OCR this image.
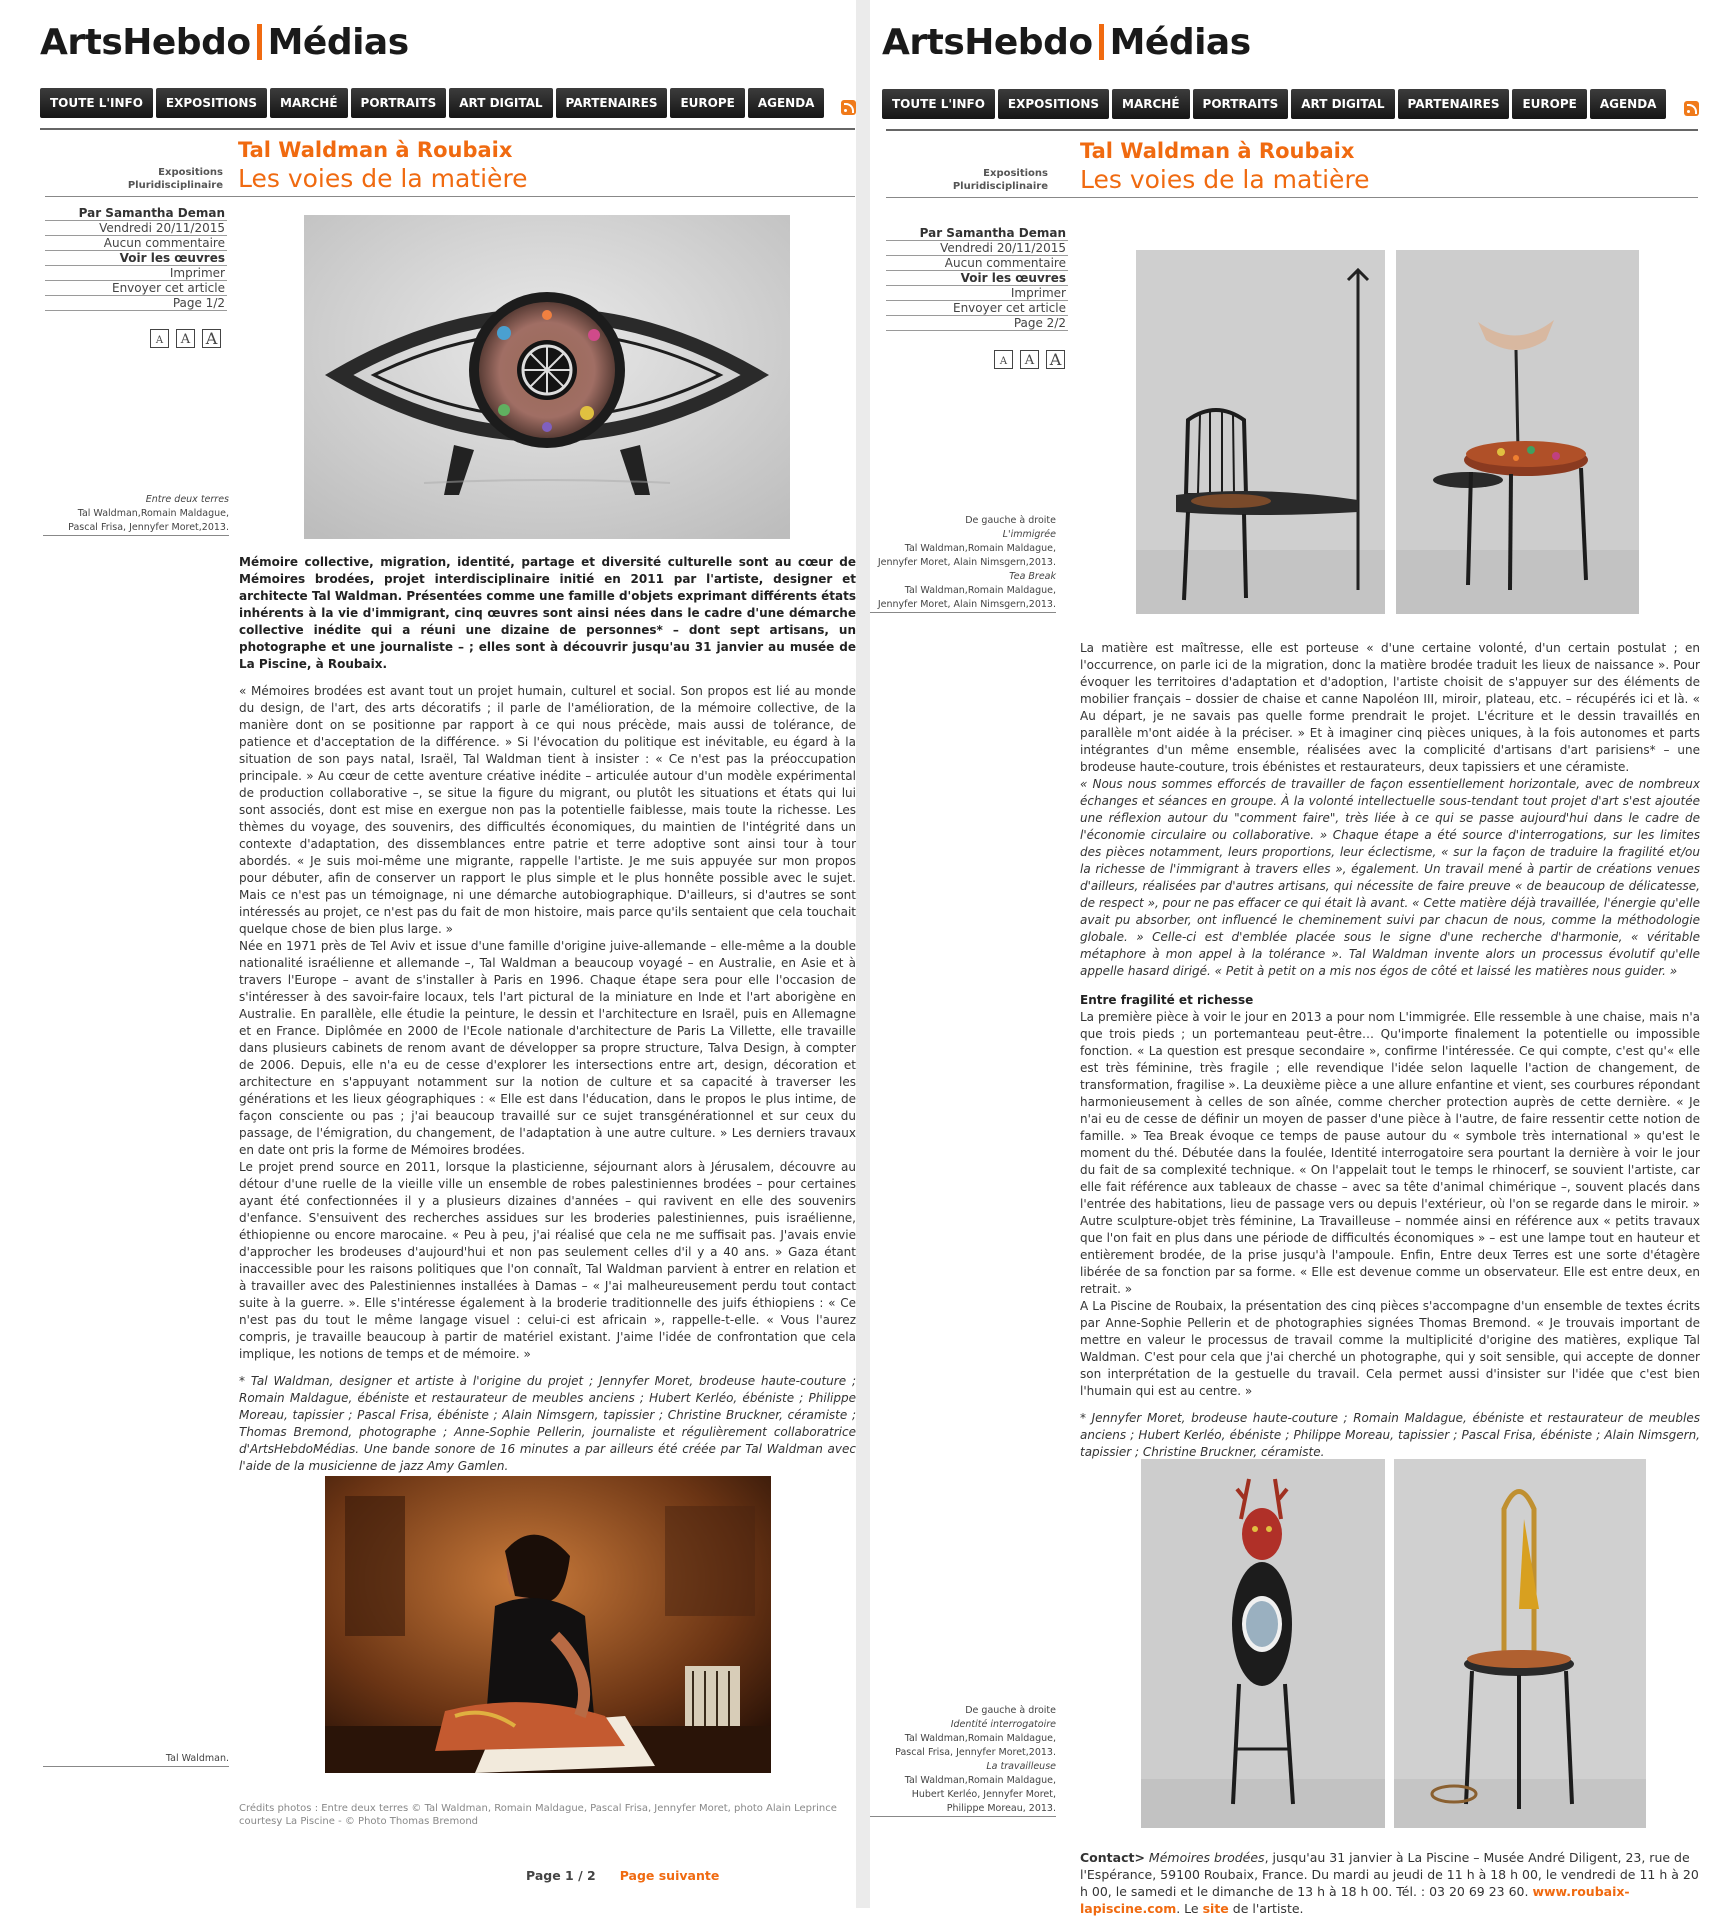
ArtsHebdo Médias
TOUTE L'INFO EXPOSITIONS MARCHÉ PORTRAITS ART DIGITAL PARTENAIRES EUROPE AGENDA
Expositions
Pluridisciplinaire
Tal Waldman à Roubaix
Les voies de la matière
Par Samantha Deman
Vendredi 20/11/2015
Aucun commentaire
Voir les œuvres
Imprimer
Envoyer cet article
Page 1/2
A A A
Entre deux terres
Tal Waldman,Romain Maldague,

Pascal Frisa, Jennyfer Moret,2013.

Mémoire collective, migration, identité, partage et diversité culturelle sont au cœur de Mémoires brodées, projet interdisciplinaire initié en 2011 par l'artiste, designer et architecte Tal Waldman. Présentées comme une famille d'objets exprimant différents états inhérents à la vie d'immigrant, cinq œuvres sont ainsi nées dans le cadre d'une démarche collective inédite qui a réuni une dizaine de personnes* – dont sept artisans, un photographe et une journaliste – ; elles sont à découvrir jusqu'au 31 janvier au musée de La Piscine, à Roubaix.

« Mémoires brodées est avant tout un projet humain, culturel et social. Son propos est lié au monde du design, de l'art, des arts décoratifs ; il parle de l'amélioration, de la mémoire collective, de la manière dont on se positionne par rapport à ce qui nous précède, mais aussi de tolérance, de patience et d'acceptation de la différence. » Si l'évocation du politique est inévitable, eu égard à la situation de son pays natal, Israël, Tal Waldman tient à insister : « Ce n'est pas la préoccupation principale. » Au cœur de cette aventure créative inédite – articulée autour d'un modèle expérimental de production collaborative –, se situe la figure du migrant, ou plutôt les situations et états qui lui sont associés, dont est mise en exergue non pas la potentielle faiblesse, mais toute la richesse. Les thèmes du voyage, des souvenirs, des difficultés économiques, du maintien de l'intégrité dans un contexte d'adaptation, des dissemblances entre patrie et terre adoptive sont ainsi tour à tour abordés. « Je suis moi-même une migrante, rappelle l'artiste. Je me suis appuyée sur mon propos pour débuter, afin de conserver un rapport le plus simple et le plus honnête possible avec le sujet. Mais ce n'est pas un témoignage, ni une démarche autobiographique. D'ailleurs, si d'autres se sont intéressés au projet, ce n'est pas du fait de mon histoire, mais parce qu'ils sentaient que cela touchait quelque chose de bien plus large. »

Née en 1971 près de Tel Aviv et issue d'une famille d'origine juive-allemande – elle-même a la double nationalité israélienne et allemande –, Tal Waldman a beaucoup voyagé – en Australie, en Asie et à travers l'Europe – avant de s'installer à Paris en 1996. Chaque étape sera pour elle l'occasion de s'intéresser à des savoir-faire locaux, tels l'art pictural de la miniature en Inde et l'art aborigène en Australie. En parallèle, elle étudie la peinture, le dessin et l'architecture en Israël, puis en Allemagne et en France. Diplômée en 2000 de l'Ecole nationale d'architecture de Paris La Villette, elle travaille dans plusieurs cabinets de renom avant de développer sa propre structure, Talva Design, à compter de 2006. Depuis, elle n'a eu de cesse d'explorer les intersections entre art, design, décoration et architecture en s'appuyant notamment sur la notion de culture et sa capacité à traverser les générations et les lieux géographiques : « Elle est dans l'éducation, dans le propos le plus intime, de façon consciente ou pas ; j'ai beaucoup travaillé sur ce sujet transgénérationnel et sur ceux du passage, de l'émigration, du changement, de l'adaptation à une autre culture. » Les derniers travaux en date ont pris la forme de Mémoires brodées.

Le projet prend source en 2011, lorsque la plasticienne, séjournant alors à Jérusalem, découvre au détour d'une ruelle de la vieille ville un ensemble de robes palestiniennes brodées – pour certaines ayant été confectionnées il y a plusieurs dizaines d'années – qui ravivent en elle des souvenirs d'enfance. S'ensuivent des recherches assidues sur les broderies palestiniennes, puis israélienne, éthiopienne ou encore marocaine. « Peu à peu, j'ai réalisé que cela ne me suffisait pas. J'avais envie d'approcher les brodeuses d'aujourd'hui et non pas seulement celles d'il y a 40 ans. » Gaza étant inaccessible pour les raisons politiques que l'on connaît, Tal Waldman parvient à entrer en relation et à travailler avec des Palestiniennes installées à Damas – « J'ai malheureusement perdu tout contact suite à la guerre. ». Elle s'intéresse également à la broderie traditionnelle des juifs éthiopiens : « Ce n'est pas du tout le même langage visuel : celui-ci est africain », rappelle-t-elle. « Vous l'aurez compris, je travaille beaucoup à partir de matériel existant. J'aime l'idée de confrontation que cela implique, les notions de temps et de mémoire. »

* Tal Waldman, designer et artiste à l'origine du projet ; Jennyfer Moret, brodeuse haute-couture ; Romain Maldague, ébéniste et restaurateur de meubles anciens ; Hubert Kerléo, ébéniste ; Philippe Moreau, tapissier ; Pascal Frisa, ébéniste ; Alain Nimsgern, tapissier ; Christine Bruckner, céramiste ; Thomas Bremond, photographe ; Anne-Sophie Pellerin, journaliste et régulièrement collaboratrice d'ArtsHebdoMédias. Une bande sonore de 16 minutes a par ailleurs été créée par Tal Waldman avec l'aide de la musicienne de jazz Amy Gamlen.

Tal Waldman.
Crédits photos : Entre deux terres © Tal Waldman, Romain Maldague, Pascal Frisa, Jennyfer Moret, photo Alain Leprince courtesy La Piscine - © Photo Thomas Bremond
Page 1 / 2 Page suivante
ArtsHebdo Médias
TOUTE L'INFO EXPOSITIONS MARCHÉ PORTRAITS ART DIGITAL PARTENAIRES EUROPE AGENDA
Expositions
Pluridisciplinaire
Tal Waldman à Roubaix
Les voies de la matière
Par Samantha Deman
Vendredi 20/11/2015
Aucun commentaire
Voir les œuvres
Imprimer
Envoyer cet article
Page 2/2
A A A
De gauche à droite
L'immigrée
Tal Waldman,Romain Maldague,
Jennyfer Moret, Alain Nimsgern,2013.
Tea Break
Tal Waldman,Romain Maldague,

Jennyfer Moret, Alain Nimsgern,2013.

La matière est maîtresse, elle est porteuse « d'une certaine volonté, d'un certain postulat ; en l'occurrence, on parle ici de la migration, donc la matière brodée traduit les lieux de naissance ». Pour évoquer les territoires d'adaptation et d'adoption, l'artiste choisit de s'appuyer sur des éléments de mobilier français – dossier de chaise et canne Napoléon III, miroir, plateau, etc. – récupérés ici et là. « Au départ, je ne savais pas quelle forme prendrait le projet. L'écriture et le dessin travaillés en parallèle m'ont aidée à la préciser. » Et à imaginer cinq pièces uniques, à la fois autonomes et parts intégrantes d'un même ensemble, réalisées avec la complicité d'artisans d'art parisiens* – une brodeuse haute-couture, trois ébénistes et restaurateurs, deux tapissiers et une céramiste.

« Nous nous sommes efforcés de travailler de façon essentiellement horizontale, avec de nombreux échanges et séances en groupe. À la volonté intellectuelle sous-tendant tout projet d'art s'est ajoutée une réflexion autour du "comment faire", très liée à ce qui se passe aujourd'hui dans le cadre de l'économie circulaire ou collaborative. » Chaque étape a été source d'interrogations, sur les limites des pièces notamment, leurs proportions, leur éclectisme, « sur la façon de traduire la fragilité et/ou la richesse de l'immigrant à travers elles », également. Un travail mené à partir de créations venues d'ailleurs, réalisées par d'autres artisans, qui nécessite de faire preuve « de beaucoup de délicatesse, de respect », pour ne pas effacer ce qui était là avant. « Cette matière déjà travaillée, l'énergie qu'elle avait pu absorber, ont influencé le cheminement suivi par chacun de nous, comme la méthodologie globale. » Celle-ci est d'emblée placée sous le signe d'une recherche d'harmonie, « véritable métaphore à mon appel à la tolérance ». Tal Waldman invente alors un processus évolutif qu'elle appelle hasard dirigé. « Petit à petit on a mis nos égos de côté et laissé les matières nous guider. »

Entre fragilité et richesse

La première pièce à voir le jour en 2013 a pour nom L'immigrée. Elle ressemble à une chaise, mais n'a que trois pieds ; un portemanteau peut-être… Qu'importe finalement la potentielle ou impossible fonction. « La question est presque secondaire », confirme l'intéressée. Ce qui compte, c'est qu'« elle est très féminine, très fragile ; elle revendique l'idée selon laquelle l'action de changement, de transformation, fragilise ». La deuxième pièce a une allure enfantine et vient, ses courbures répondant harmonieusement à celles de son aînée, comme chercher protection auprès de cette dernière. « Je n'ai eu de cesse de définir un moyen de passer d'une pièce à l'autre, de faire ressentir cette notion de famille. » Tea Break évoque ce temps de pause autour du « symbole très international » qu'est le moment du thé. Débutée dans la foulée, Identité interrogatoire sera pourtant la dernière à voir le jour du fait de sa complexité technique. « On l'appelait tout le temps le rhinocerf, se souvient l'artiste, car elle fait référence aux tableaux de chasse – avec sa tête d'animal chimérique –, souvent placés dans l'entrée des habitations, lieu de passage vers ou depuis l'extérieur, où l'on se regarde dans le miroir. » Autre sculpture-objet très féminine, La Travailleuse – nommée ainsi en référence aux « petits travaux que l'on fait en plus dans une période de difficultés économiques » – est une lampe tout en hauteur et entièrement brodée, de la prise jusqu'à l'ampoule. Enfin, Entre deux Terres est une sorte d'étagère libérée de sa fonction par sa forme. « Elle est devenue comme un observateur. Elle est entre deux, en retrait. »

A La Piscine de Roubaix, la présentation des cinq pièces s'accompagne d'un ensemble de textes écrits par Anne-Sophie Pellerin et de photographies signées Thomas Bremond. « Je trouvais important de mettre en valeur le processus de travail comme la multiplicité d'origine des matières, explique Tal Waldman. C'est pour cela que j'ai cherché un photographe, qui y soit sensible, qui accepte de donner son interprétation de la gestuelle du travail. Cela permet aussi d'insister sur l'idée que c'est bien l'humain qui est au centre. »

* Jennyfer Moret, brodeuse haute-couture ; Romain Maldague, ébéniste et restaurateur de meubles anciens ; Hubert Kerléo, ébéniste ; Philippe Moreau, tapissier ; Pascal Frisa, ébéniste ; Alain Nimsgern, tapissier ; Christine Bruckner, céramiste.

De gauche à droite
Identité interrogatoire
Tal Waldman,Romain Maldague,
Pascal Frisa, Jennyfer Moret,2013.
La travailleuse
Tal Waldman,Romain Maldague,
Hubert Kerléo, Jennyfer Moret,

Philippe Moreau, 2013.
Contact> Mémoires brodées, jusqu'au 31 janvier à La Piscine – Musée André Diligent, 23, rue de l'Espérance, 59100 Roubaix, France. Du mardi au jeudi de 11 h à 18 h 00, le vendredi de 11 h à 20 h 00, le samedi et le dimanche de 13 h à 18 h 00. Tél. : 03 20 69 23 60. www.roubaix-lapiscine.com. Le site de l'artiste.
